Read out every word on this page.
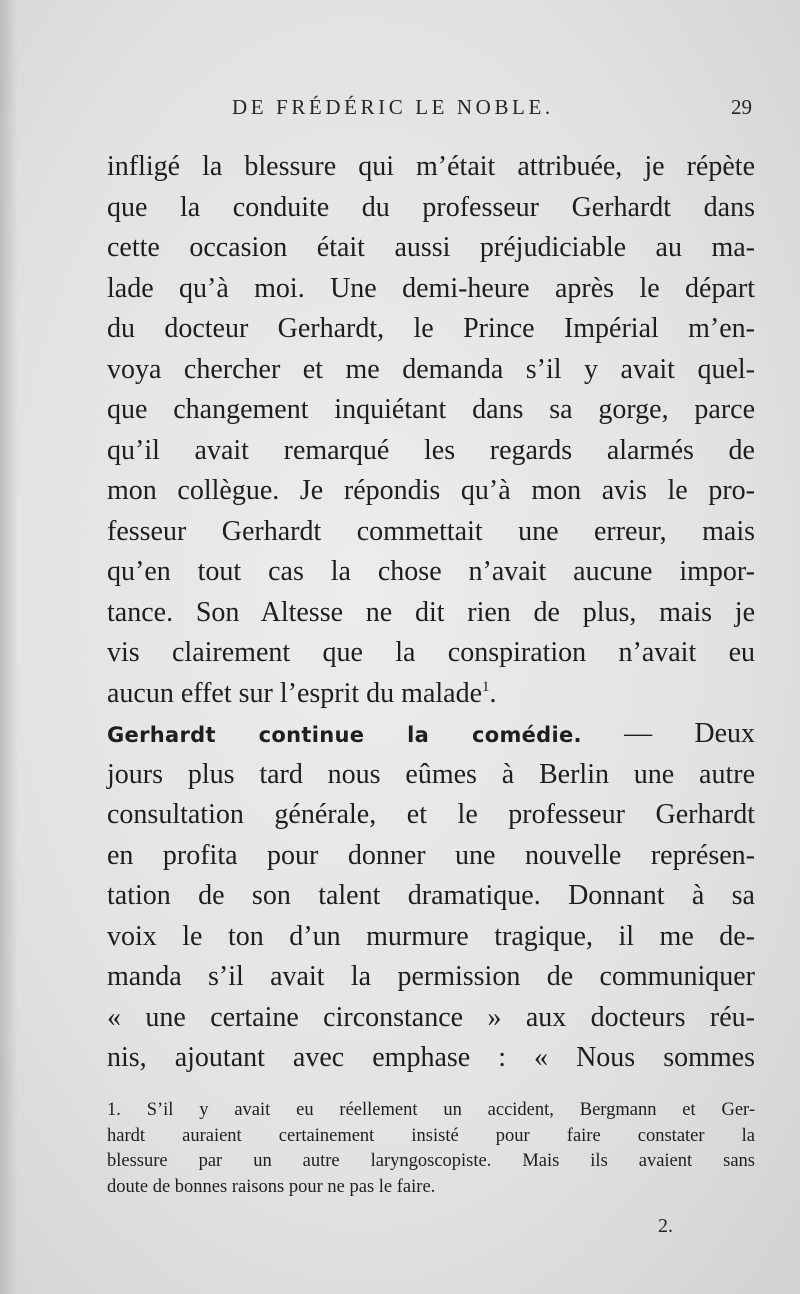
DE FRÉDÉRIC LE NOBLE.	29
infligé la blessure qui m’était attribuée, je répète
que la conduite du professeur Gerhardt dans
cette occasion était aussi préjudiciable au ma-
lade qu’à moi. Une demi-heure après le départ
du docteur Gerhardt, le Prince Impérial m’en-
voya chercher et me demanda s’il y avait quel-
que changement inquiétant dans sa gorge, parce
qu’il avait remarqué les regards alarmés de
mon collègue. Je répondis qu’à mon avis le pro-
fesseur Gerhardt commettait une erreur, mais
qu’en tout cas la chose n’avait aucune impor-
tance. Son Altesse ne dit rien de plus, mais je
vis clairement que la conspiration n’avait eu
aucun effet sur l’esprit du malade$^1$.
Gerhardt continue la comédie. — Deux
jours plus tard nous eûmes à Berlin une autre
consultation générale, et le professeur Gerhardt
en profita pour donner une nouvelle représen-
tation de son talent dramatique. Donnant à sa
voix le ton d’un murmure tragique, il me de-
manda s’il avait la permission de communiquer
« une certaine circonstance » aux docteurs réu-
nis, ajoutant avec emphase : « Nous sommes
1. S’il y avait eu réellement un accident, Bergmann et Ger-
hardt auraient certainement insisté pour faire constater la
blessure par un autre laryngoscopiste. Mais ils avaient sans
doute de bonnes raisons pour ne pas le faire.
2.
